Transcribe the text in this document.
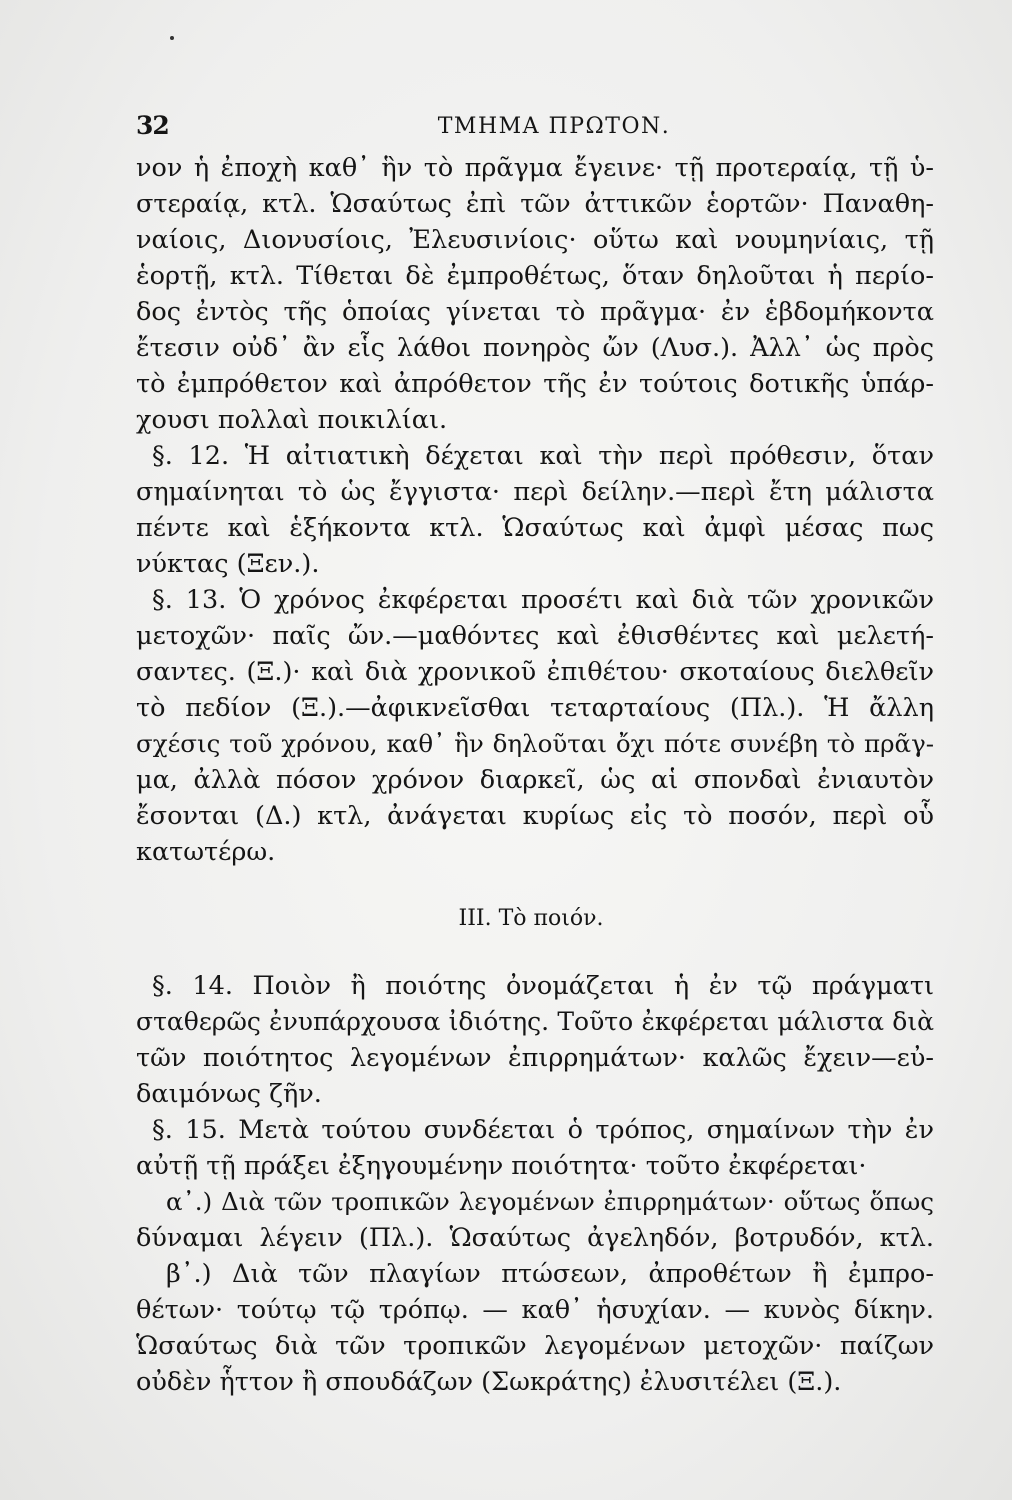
32	ΤΜΗΜΑ ΠΡΩΤΟΝ.
νον ἡ ἐποχὴ καθ᾽ ἣν τὸ πρᾶγμα ἔγεινε· τῇ προτεραίᾳ, τῇ ὑ-
στεραίᾳ, κτλ. Ὡσαύτως ἐπὶ τῶν ἀττικῶν ἑορτῶν· Παναθη-
ναίοις, Διονυσίοις, Ἐλευσινίοις· οὕτω καὶ νουμηνίαις, τῇ
ἑορτῇ, κτλ. Τίθεται δὲ ἐμπροθέτως, ὅταν δηλοῦται ἡ περίο-
δος ἐντὸς τῆς ὁποίας γίνεται τὸ πρᾶγμα· ἐν ἑβδομήκοντα
ἔτεσιν οὐδ᾽ ἂν εἷς λάθοι πονηρὸς ὤν (Λυσ.). Ἀλλ᾽ ὡς πρὸς
τὸ ἐμπρόθετον καὶ ἀπρόθετον τῆς ἐν τούτοις δοτικῆς ὑπάρ-
χουσι πολλαὶ ποικιλίαι.
§. 12. Ἡ αἰτιατικὴ δέχεται καὶ τὴν περὶ πρόθεσιν, ὅταν
σημαίνηται τὸ ὡς ἔγγιστα· περὶ δείλην.—περὶ ἔτη μάλιστα
πέντε καὶ ἑξήκοντα κτλ. Ὡσαύτως καὶ ἀμφὶ μέσας πως
νύκτας (Ξεν.).
§. 13. Ὁ χρόνος ἐκφέρεται προσέτι καὶ διὰ τῶν χρονικῶν
μετοχῶν· παῖς ὤν.—μαθόντες καὶ ἐθισθέντες καὶ μελετή-
σαντες. (Ξ.)· καὶ διὰ χρονικοῦ ἐπιθέτου· σκοταίους διελθεῖν
τὸ πεδίον (Ξ.).—ἀφικνεῖσθαι τεταρταίους (Πλ.). Ἡ ἄλλη
σχέσις τοῦ χρόνου, καθ᾽ ἣν δηλοῦται ὄχι πότε συνέβη τὸ πρᾶγ-
μα, ἀλλὰ πόσον χρόνον διαρκεῖ, ὡς αἱ σπονδαὶ ἐνιαυτὸν
ἔσονται (Δ.) κτλ, ἀνάγεται κυρίως εἰς τὸ ποσόν, περὶ οὗ
κατωτέρω.
ΙΙΙ. Τὸ ποιόν.
§. 14. Ποιὸν ἢ ποιότης ὀνομάζεται ἡ ἐν τῷ πράγματι
σταθερῶς ἐνυπάρχουσα ἰδιότης. Τοῦτο ἐκφέρεται μάλιστα διὰ
τῶν ποιότητος λεγομένων ἐπιρρημάτων· καλῶς ἔχειν—εὐ-
δαιμόνως ζῆν.
§. 15. Μετὰ τούτου συνδέεται ὁ τρόπος, σημαίνων τὴν ἐν
αὐτῇ τῇ πράξει ἐξηγουμένην ποιότητα· τοῦτο ἐκφέρεται·
α᾽.) Διὰ τῶν τροπικῶν λεγομένων ἐπιρρημάτων· οὕτως ὅπως
δύναμαι λέγειν (Πλ.). Ὡσαύτως ἀγεληδόν, βοτρυδόν, κτλ.
β᾽.) Διὰ τῶν πλαγίων πτώσεων, ἀπροθέτων ἢ ἐμπρο-
θέτων· τούτῳ τῷ τρόπῳ. — καθ᾽ ἡσυχίαν. — κυνὸς δίκην.
Ὡσαύτως διὰ τῶν τροπικῶν λεγομένων μετοχῶν· παίζων
οὐδὲν ἧττον ἢ σπουδάζων (Σωκράτης) ἐλυσιτέλει (Ξ.).
